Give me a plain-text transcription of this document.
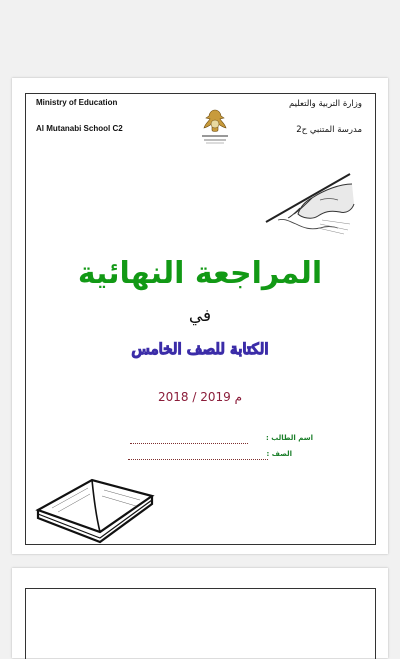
Ministry of Education
Al Mutanabi School C2
وزارة التربية والتعليم
مدرسة المتنبي ح2
المراجعة النهائية
في
الكتابة للصف الخامس
2018 / 2019 م
اسم الطالب :
الصف :
